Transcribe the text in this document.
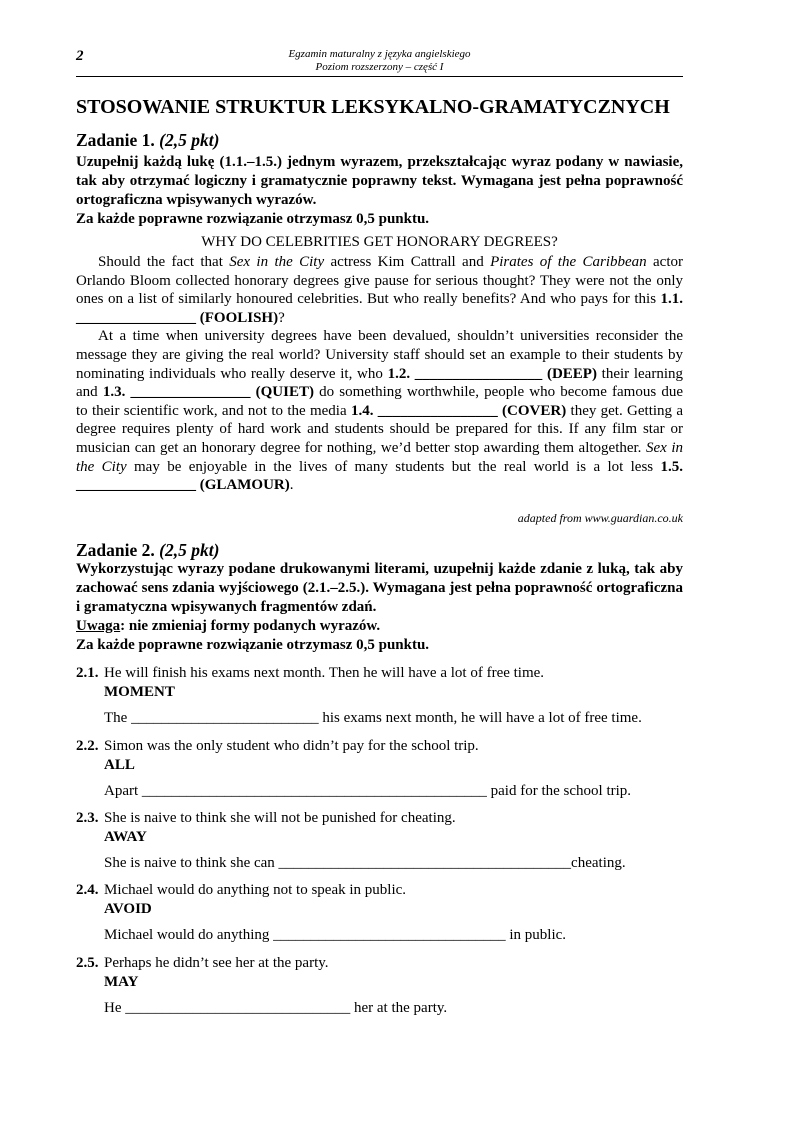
2	Egzamin maturalny z języka angielskiego
Poziom rozszerzony – część I
STOSOWANIE STRUKTUR LEKSYKALNO-GRAMATYCZNYCH
Zadanie 1. (2,5 pkt)
Uzupełnij każdą lukę (1.1.–1.5.) jednym wyrazem, przekształcając wyraz podany w nawiasie, tak aby otrzymać logiczny i gramatycznie poprawny tekst. Wymagana jest pełna poprawność ortograficzna wpisywanych wyrazów.
Za każde poprawne rozwiązanie otrzymasz 0,5 punktu.
WHY DO CELEBRITIES GET HONORARY DEGREES?

Should the fact that Sex in the City actress Kim Cattrall and Pirates of the Caribbean actor Orlando Bloom collected honorary degrees give pause for serious thought? They were not the only ones on a list of similarly honoured celebrities. But who really benefits? And who pays for this 1.1. ________________ (FOOLISH)?

At a time when university degrees have been devalued, shouldn’t universities reconsider the message they are giving the real world? University staff should set an example to their students by nominating individuals who really deserve it, who 1.2. _________________ (DEEP) their learning and 1.3. ________________ (QUIET) do something worthwhile, people who become famous due to their scientific work, and not to the media 1.4. ________________ (COVER) they get. Getting a degree requires plenty of hard work and students should be prepared for this. If any film star or musician can get an honorary degree for nothing, we’d better stop awarding them altogether. Sex in the City may be enjoyable in the lives of many students but the real world is a lot less 1.5. ________________ (GLAMOUR).

adapted from www.guardian.co.uk
Zadanie 2. (2,5 pkt)
Wykorzystując wyrazy podane drukowanymi literami, uzupełnij każde zdanie z luką, tak aby zachować sens zdania wyjściowego (2.1.–2.5.). Wymagana jest pełna poprawność ortograficzna i gramatyczna wpisywanych fragmentów zdań.
Uwaga: nie zmieniaj formy podanych wyrazów.
Za każde poprawne rozwiązanie otrzymasz 0,5 punktu.
2.1. He will finish his exams next month. Then he will have a lot of free time.
MOMENT
The _________________________ his exams next month, he will have a lot of free time.
2.2. Simon was the only student who didn’t pay for the school trip.
ALL
Apart ______________________________________________ paid for the school trip.
2.3. She is naive to think she will not be punished for cheating.
AWAY
She is naive to think she can _______________________________________cheating.
2.4. Michael would do anything not to speak in public.
AVOID
Michael would do anything _______________________________ in public.
2.5. Perhaps he didn’t see her at the party.
MAY
He ______________________________ her at the party.
